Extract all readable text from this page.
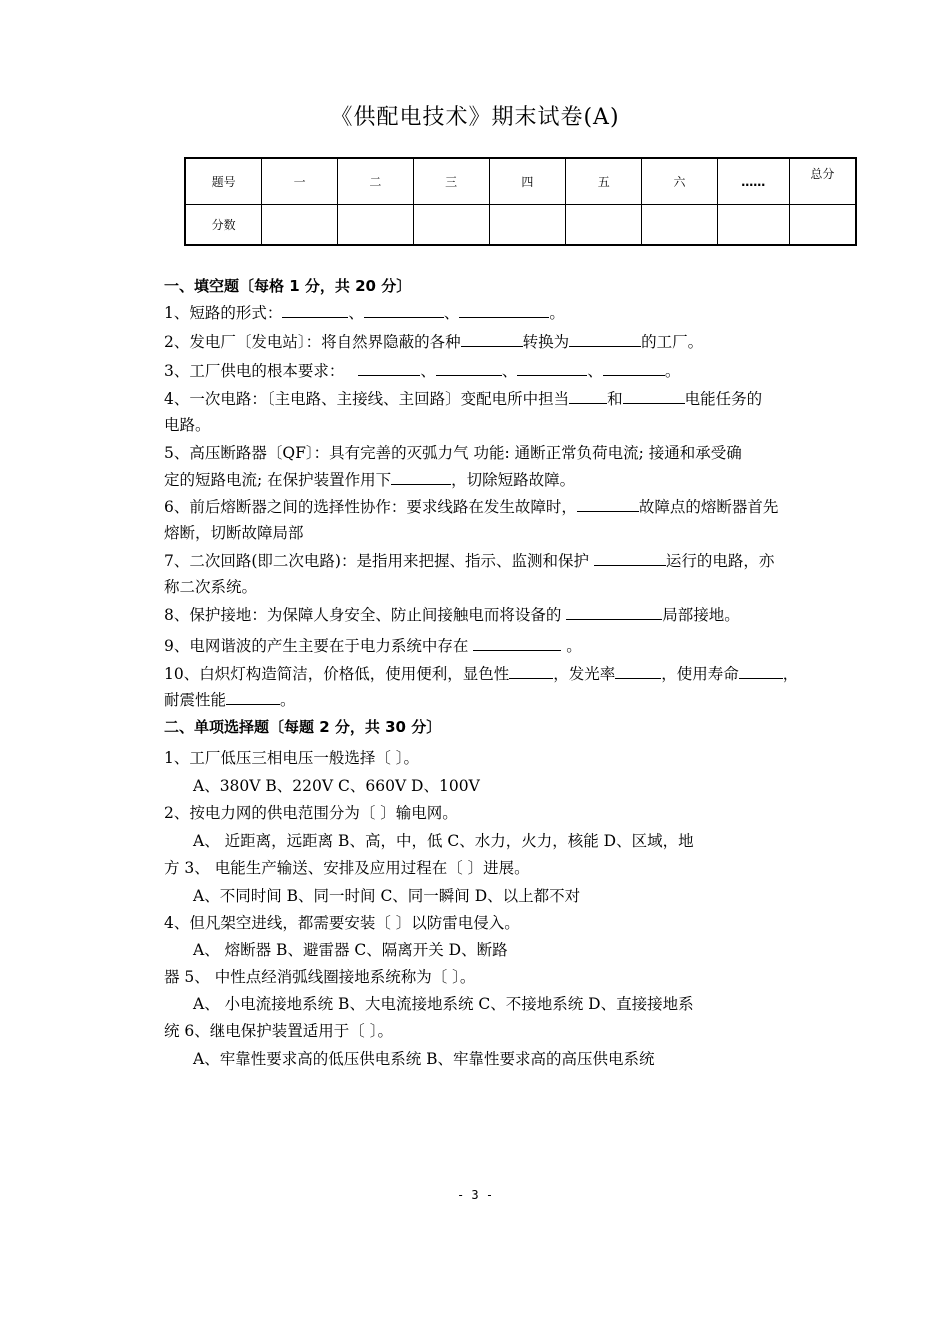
《供配电技术》期末试卷(A)
题号	一	二	三	四	五	六	……	总分
分数								
一、填空题〔每格 1 分，共 20 分〕
1、短路的形式：	、	、	。
2、发电厂〔发电站〕：将自然界隐蔽的各种	转换为	的工厂。
3、工厂供电的根本要求：	、	、	、	。
4、一次电路：〔主电路、主接线、主回路〕变配电所中担当 和	电能任务的
电路。
5、高压断路器〔QF〕：具有完善的灭弧力气 功能: 通断正常负荷电流; 接通和承受确
定的短路电流; 在保护装置作用下	，切除短路故障。
6、前后熔断器之间的选择性协作：要求线路在发生故障时，	故障点的熔断器首先
熔断，切断故障局部
7、二次回路(即二次电路)：是指用来把握、指示、监测和保护	运行的电路，亦
称二次系统。
8、保护接地：为保障人身安全、防止间接触电而将设备的	局部接地。
9、电网谐波的产生主要在于电力系统中存在	。
10、白炽灯构造简洁，价格低，使用便利，显色性	，发光率	，使用寿命	，
耐震性能	。
二、单项选择题〔每题 2 分，共 30 分〕
1、工厂低压三相电压一般选择〔 〕。
A、380V B、220V C、660V D、100V
2、按电力网的供电范围分为〔 〕输电网。
A、 近距离，远距离 B、高，中，低 C、水力，火力，核能 D、区域，地
方 3、 电能生产输送、安排及应用过程在〔 〕进展。
A、不同时间 B、同一时间 C、同一瞬间 D、以上都不对
4、但凡架空进线，都需要安装〔 〕以防雷电侵入。
A、 熔断器 B、避雷器 C、隔离开关 D、断路
器 5、 中性点经消弧线圈接地系统称为〔 〕。
A、 小电流接地系统 B、大电流接地系统 C、不接地系统 D、直接接地系
统 6、继电保护装置适用于〔 〕。
A、牢靠性要求高的低压供电系统 B、牢靠性要求高的高压供电系统
- 3 -
